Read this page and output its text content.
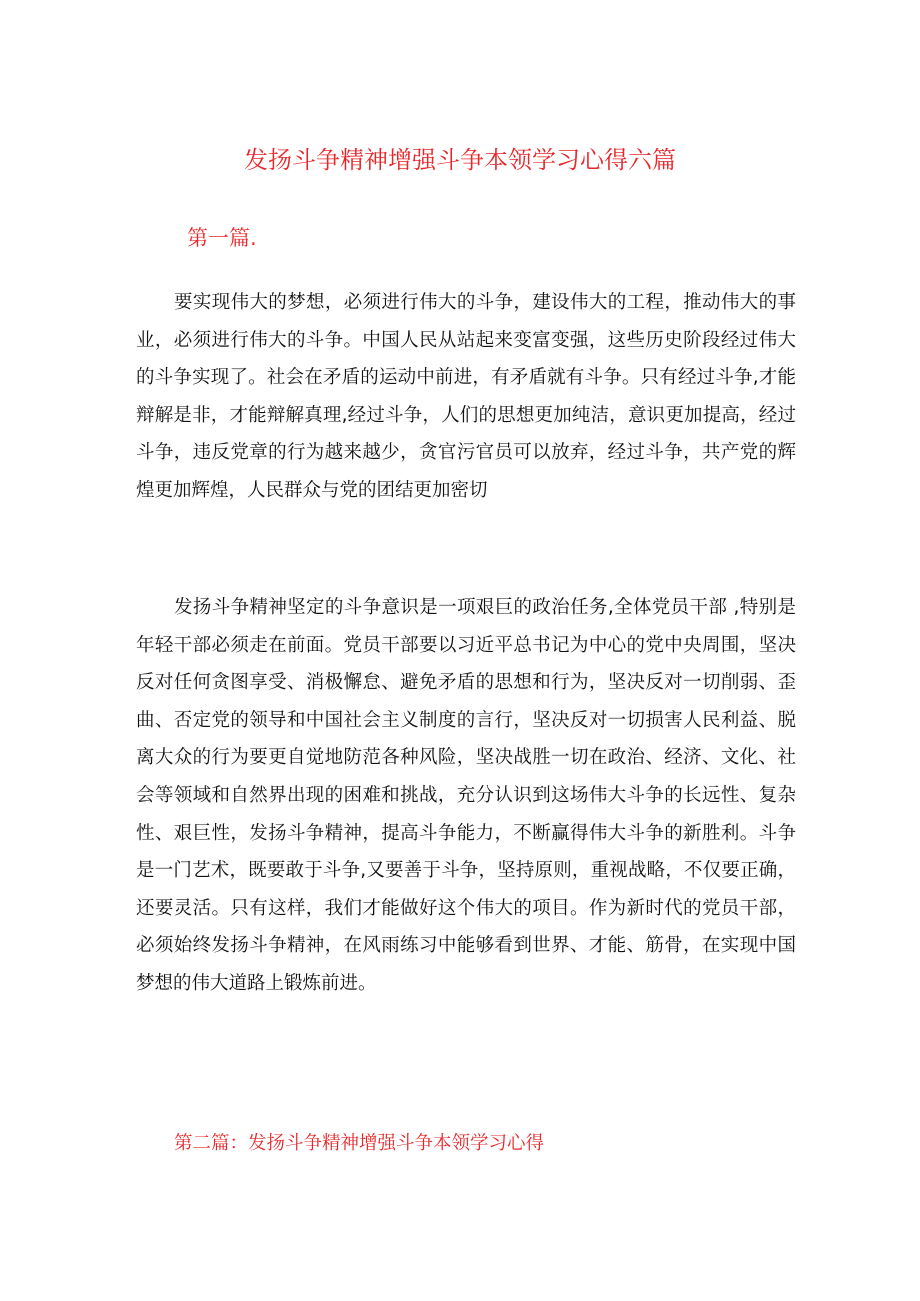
发扬斗争精神增强斗争本领学习心得六篇
第一篇.

要实现伟大的梦想，必须进行伟大的斗争，建设伟大的工程，推动伟大的事业，必须进行伟大的斗争。中国人民从站起来变富变强，这些历史阶段经过伟大的斗争实现了。社会在矛盾的运动中前进，有矛盾就有斗争。只有经过斗争,才能辩解是非，才能辩解真理,经过斗争，人们的思想更加纯洁，意识更加提高，经过斗争，违反党章的行为越来越少，贪官污官员可以放弃，经过斗争，共产党的辉煌更加辉煌，人民群众与党的团结更加密切

发扬斗争精神坚定的斗争意识是一项艰巨的政治任务,全体党员干部 ,特别是年轻干部必须走在前面。党员干部要以习近平总书记为中心的党中央周围，坚决反对任何贪图享受、消极懈怠、避免矛盾的思想和行为，坚决反对一切削弱、歪曲、否定党的领导和中国社会主义制度的言行，坚决反对一切损害人民利益、脱离大众的行为要更自觉地防范各种风险，坚决战胜一切在政治、经济、文化、社会等领域和自然界出现的困难和挑战，充分认识到这场伟大斗争的长远性、复杂性、艰巨性，发扬斗争精神，提高斗争能力，不断赢得伟大斗争的新胜利。斗争是一门艺术，既要敢于斗争,又要善于斗争，坚持原则，重视战略，不仅要正确，还要灵活。只有这样，我们才能做好这个伟大的项目。作为新时代的党员干部，必须始终发扬斗争精神，在风雨练习中能够看到世界、才能、筋骨，在实现中国梦想的伟大道路上锻炼前进。

第二篇：发扬斗争精神增强斗争本领学习心得
